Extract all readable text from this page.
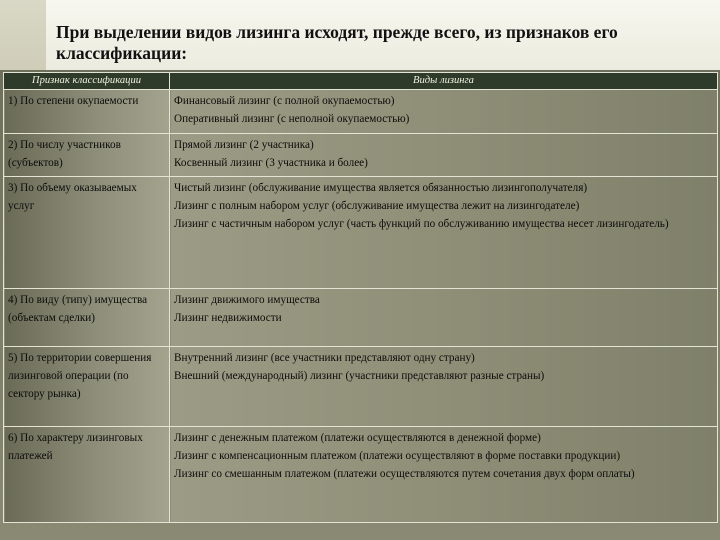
При выделении видов лизинга исходят, прежде всего, из признаков его классификации:
Признак классификации	Виды лизинга
1) По степени окупаемости	Финансовый лизинг (с полной окупаемостью)
Оперативный лизинг (с неполной окупаемостью)

2) По числу участников (субъектов)	Прямой лизинг (2 участника)
Косвенный лизинг (3 участника и более)

3) По объему оказываемых услуг	Чистый лизинг (обслуживание имущества является обязанностью лизингополучателя)
Лизинг с полным набором услуг (обслуживание имущества лежит на лизингодателе)
Лизинг с частичным набором услуг (часть функций по обслуживанию имущества несет лизингодатель)

4) По виду (типу) имущества (объектам сделки)	Лизинг движимого имущества
Лизинг недвижимости

5) По территории совершения лизинговой операции (по сектору рынка)	Внутренний лизинг (все участники представляют одну страну)
Внешний (международный) лизинг (участники представляют разные страны)

6) По характеру лизинговых платежей	Лизинг с денежным платежом (платежи осуществляются в денежной форме)
Лизинг с компенсационным платежом (платежи осуществляют в форме поставки продукции)
Лизинг со смешанным платежом (платежи осуществляются путем сочетания двух форм оплаты)
